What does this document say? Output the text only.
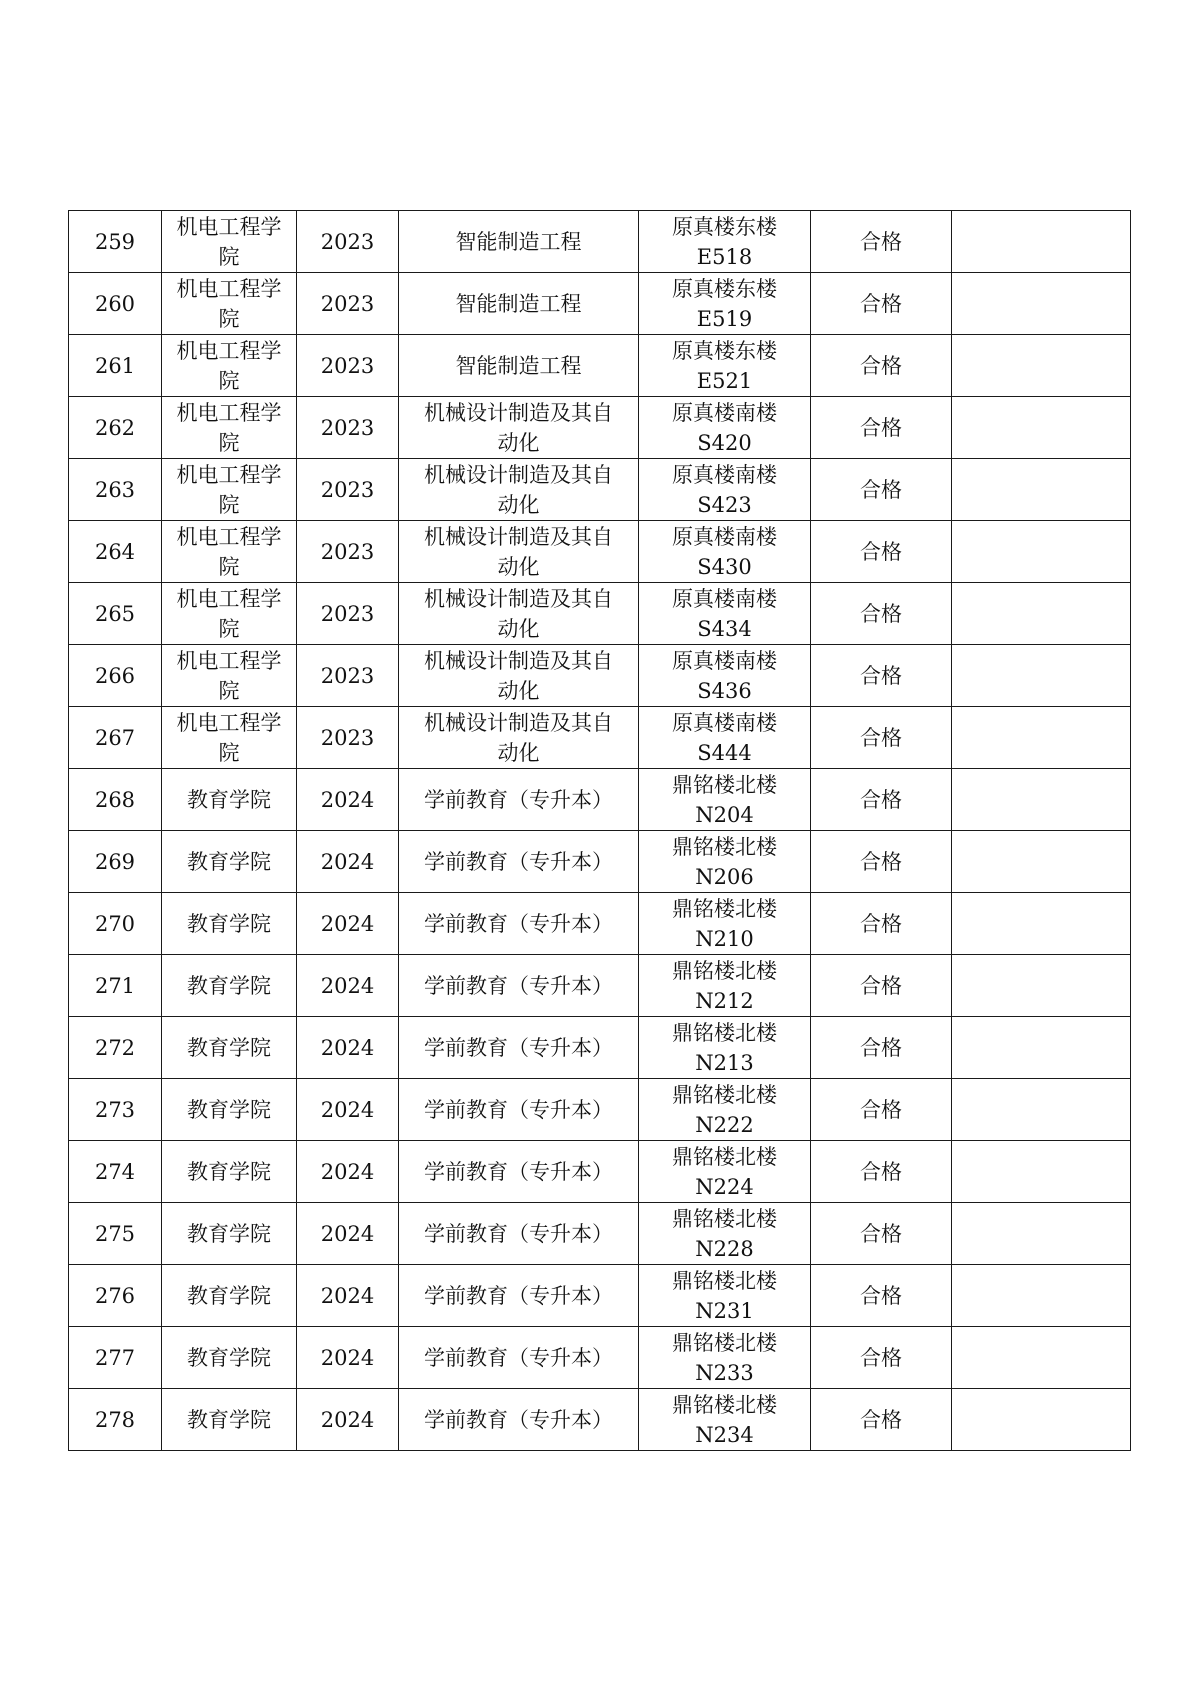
259	机电工程学
院	2023	智能制造工程	原真楼东楼
E518	合格	
260	机电工程学
院	2023	智能制造工程	原真楼东楼
E519	合格	
261	机电工程学
院	2023	智能制造工程	原真楼东楼
E521	合格	
262	机电工程学
院	2023	机械设计制造及其自
动化	原真楼南楼
S420	合格	
263	机电工程学
院	2023	机械设计制造及其自
动化	原真楼南楼
S423	合格	
264	机电工程学
院	2023	机械设计制造及其自
动化	原真楼南楼
S430	合格	
265	机电工程学
院	2023	机械设计制造及其自
动化	原真楼南楼
S434	合格	
266	机电工程学
院	2023	机械设计制造及其自
动化	原真楼南楼
S436	合格	
267	机电工程学
院	2023	机械设计制造及其自
动化	原真楼南楼
S444	合格	
268	教育学院	2024	学前教育（专升本）	鼎铭楼北楼
N204	合格	
269	教育学院	2024	学前教育（专升本）	鼎铭楼北楼
N206	合格	
270	教育学院	2024	学前教育（专升本）	鼎铭楼北楼
N210	合格	
271	教育学院	2024	学前教育（专升本）	鼎铭楼北楼
N212	合格	
272	教育学院	2024	学前教育（专升本）	鼎铭楼北楼
N213	合格	
273	教育学院	2024	学前教育（专升本）	鼎铭楼北楼
N222	合格	
274	教育学院	2024	学前教育（专升本）	鼎铭楼北楼
N224	合格	
275	教育学院	2024	学前教育（专升本）	鼎铭楼北楼
N228	合格	
276	教育学院	2024	学前教育（专升本）	鼎铭楼北楼
N231	合格	
277	教育学院	2024	学前教育（专升本）	鼎铭楼北楼
N233	合格	
278	教育学院	2024	学前教育（专升本）	鼎铭楼北楼
N234	合格	
